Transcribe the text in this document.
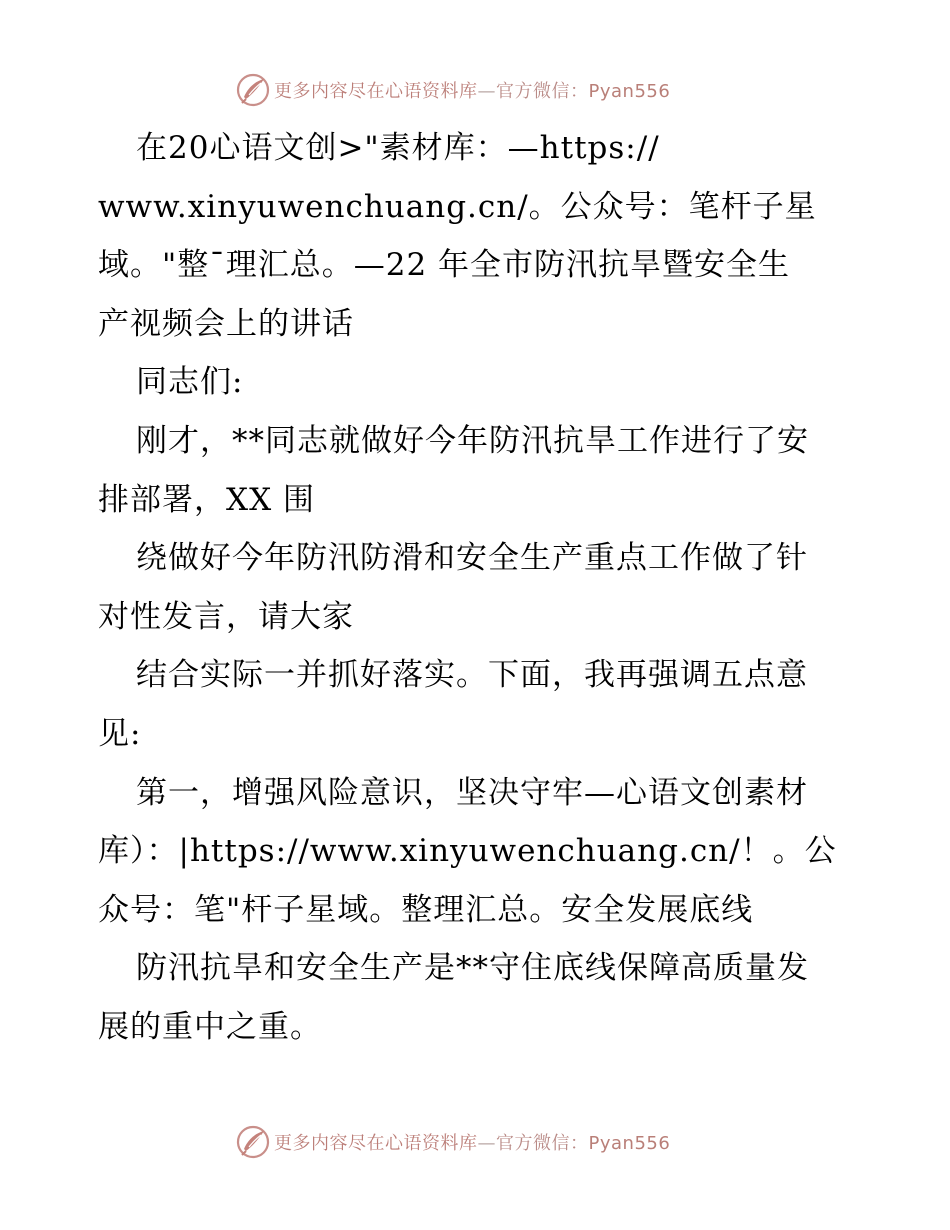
更多内容尽在心语资料库—官方微信：Pyan556
在20心语文创>"素材库：—https://
www.xinyuwenchuang.cn/。公众号：笔杆子星
域。"整¯理汇总。—22 年全市防汛抗旱暨安全生
产视频会上的讲话
同志们:
刚才，**同志就做好今年防汛抗旱工作进行了安
排部署，XX 围
绕做好今年防汛防滑和安全生产重点工作做了针
对性发言，请大家
结合实际一并抓好落实。下面，我再强调五点意
见:
第一，增强风险意识，坚决守牢—心语文创素材
库）：|https://www.xinyuwenchuang.cn/！。公
众号：笔"杆子星域。整理汇总。安全发展底线
防汛抗旱和安全生产是**守住底线保障高质量发
展的重中之重。
更多内容尽在心语资料库—官方微信：Pyan556
